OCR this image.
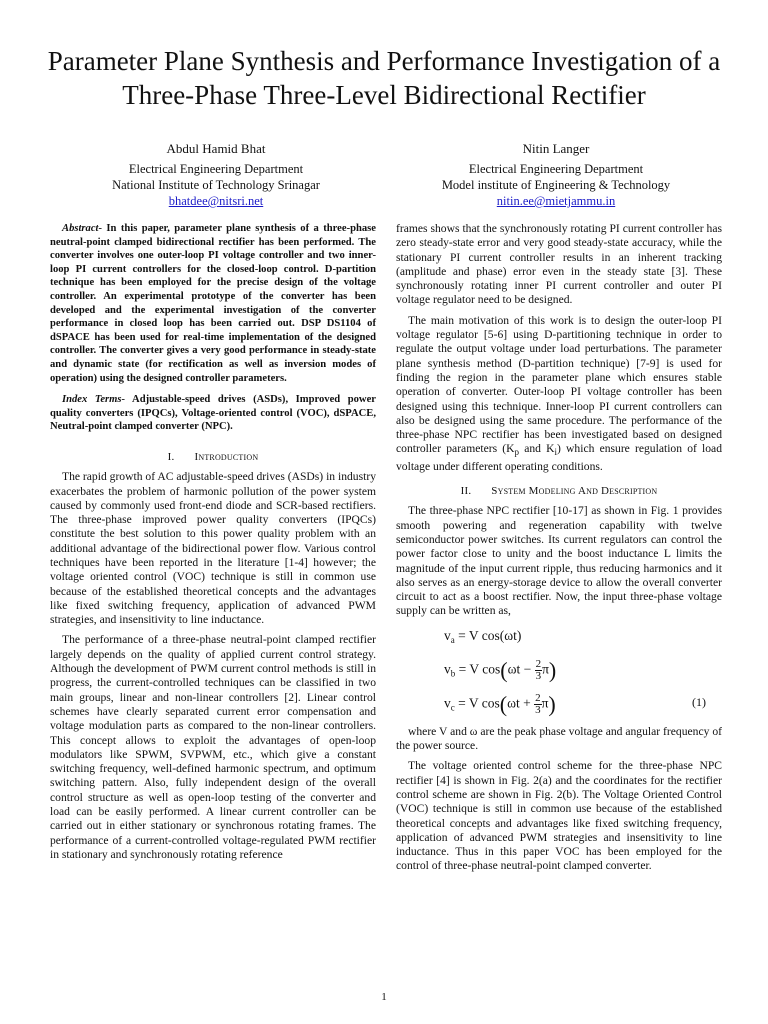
Parameter Plane Synthesis and Performance Investigation of a Three-Phase Three-Level Bidirectional Rectifier
Abdul Hamid Bhat
Electrical Engineering Department
National Institute of Technology Srinagar
bhatdee@nitsri.net
Nitin Langer
Electrical Engineering Department
Model institute of Engineering & Technology
nitin.ee@mietjammu.in

Abstract- In this paper, parameter plane synthesis of a three-phase neutral-point clamped bidirectional rectifier has been performed. The converter involves one outer-loop PI voltage controller and two inner-loop PI current controllers for the closed-loop control. D-partition technique has been employed for the precise design of the voltage controller. An experimental prototype of the converter has been developed and the experimental investigation of the converter performance in closed loop has been carried out. DSP DS1104 of dSPACE has been used for real-time implementation of the designed controller. The converter gives a very good performance in steady-state and dynamic state (for rectification as well as inversion modes of operation) using the designed controller parameters.

Index Terms- Adjustable-speed drives (ASDs), Improved power quality converters (IPQCs), Voltage-oriented control (VOC), dSPACE, Neutral-point clamped converter (NPC).

I. Introduction

The rapid growth of AC adjustable-speed drives (ASDs) in industry exacerbates the problem of harmonic pollution of the power system caused by commonly used front-end diode and SCR-based rectifiers. The three-phase improved power quality converters (IPQCs) constitute the best solution to this power quality problem with an additional advantage of the bidirectional power flow. Various control techniques have been reported in the literature [1-4] however; the voltage oriented control (VOC) technique is still in common use because of the established theoretical concepts and the advantages like fixed switching frequency, application of advanced PWM strategies, and insensitivity to line inductance.

The performance of a three-phase neutral-point clamped rectifier largely depends on the quality of applied current control strategy. Although the development of PWM current control methods is still in progress, the current-controlled techniques can be classified in two main groups, linear and non-linear controllers [2]. Linear control schemes have clearly separated current error compensation and voltage modulation parts as compared to the non-linear controllers. This concept allows to exploit the advantages of open-loop modulators like SPWM, SVPWM, etc., which give a constant switching frequency, well-defined harmonic spectrum, and optimum switching pattern. Also, fully independent design of the overall control structure as well as open-loop testing of the converter and load can be easily performed. A linear current controller can be carried out in either stationary or synchronous rotating frames. The performance of a current-controlled voltage-regulated PWM rectifier in stationary and synchronously rotating reference

frames shows that the synchronously rotating PI current controller has zero steady-state error and very good steady-state accuracy, while the stationary PI current controller results in an inherent tracking (amplitude and phase) error even in the steady state [3]. These synchronously rotating inner PI current controller and outer PI voltage regulator need to be designed.

The main motivation of this work is to design the outer-loop PI voltage regulator [5-6] using D-partitioning technique in order to regulate the output voltage under load perturbations. The parameter plane synthesis method (D-partition technique) [7-9] is used for finding the region in the parameter plane which ensures stable operation of converter. Outer-loop PI voltage controller has been designed using this technique. Inner-loop PI current controllers can also be designed using the same procedure. The performance of the three-phase NPC rectifier has been investigated based on designed controller parameters ($K_p$ and $K_i$) which ensure regulation of load voltage under different operating conditions.

II. System Modeling And Description

The three-phase NPC rectifier [10-17] as shown in Fig. 1 provides smooth powering and regeneration capability with twelve semiconductor power switches. Its current regulators can control the power factor close to unity and the boost inductance L limits the magnitude of the input current ripple, thus reducing harmonics and it also serves as an energy-storage device to allow the overall converter circuit to act as a boost rectifier. Now, the input three-phase voltage supply can be written as,

$v_a = V$ cos(ωt)
$v_b = V$ $\cos(\omega t - \frac{2}{3} \pi)$
$v_c = V$ $\cos(\omega t + \frac{2}{3} \pi)$	(1)

where V and ω are the peak phase voltage and angular frequency of the power source.

The voltage oriented control scheme for the three-phase NPC rectifier [4] is shown in Fig. 2(a) and the coordinates for the rectifier control scheme are shown in Fig. 2(b). The Voltage Oriented Control (VOC) technique is still in common use because of the established theoretical concepts and advantages like fixed switching frequency, application of advanced PWM strategies and insensitivity to line inductance. Thus in this paper VOC has been employed for the control of three-phase neutral-point clamped converter.

1
